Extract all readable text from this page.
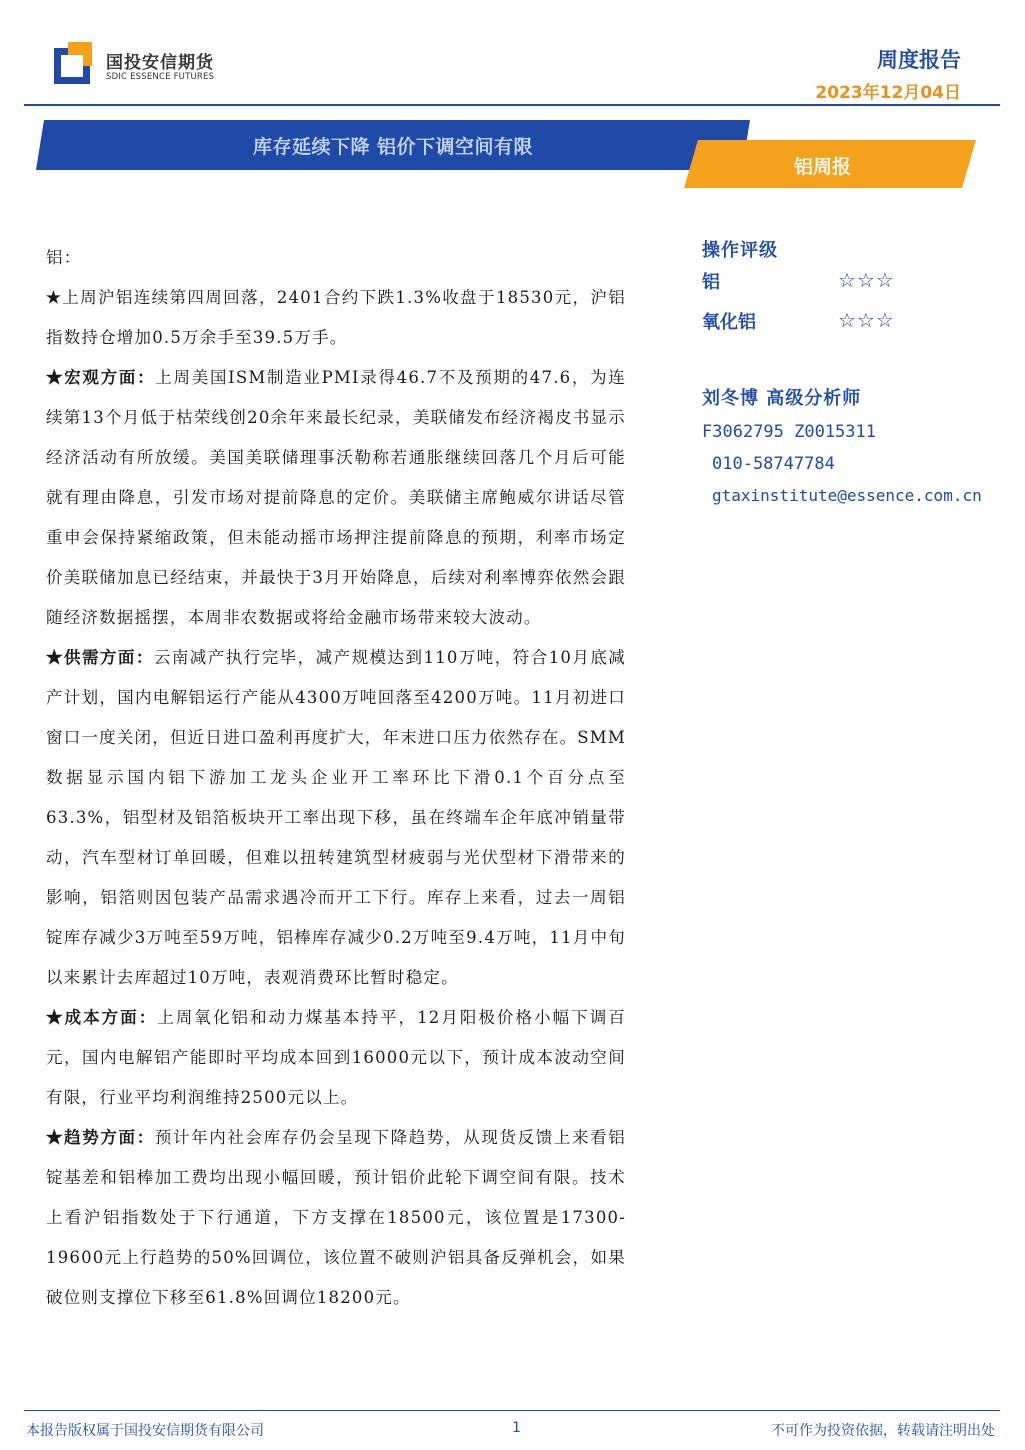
国投安信期货
SDIC ESSENCE FUTURES
周度报告
2023年12月04日
库存延续下降 铝价下调空间有限
铝周报

铝：

★上周沪铝连续第四周回落，2401合约下跌1.3%收盘于18530元，沪铝指数持仓增加0.5万余手至39.5万手。

★宏观方面：上周美国ISM制造业PMI录得46.7不及预期的47.6，为连续第13个月低于枯荣线创20余年来最长纪录，美联储发布经济褐皮书显示经济活动有所放缓。美国美联储理事沃勒称若通胀继续回落几个月后可能就有理由降息，引发市场对提前降息的定价。美联储主席鲍威尔讲话尽管重申会保持紧缩政策，但未能动摇市场押注提前降息的预期，利率市场定价美联储加息已经结束，并最快于3月开始降息，后续对利率博弈依然会跟随经济数据摇摆，本周非农数据或将给金融市场带来较大波动。

★供需方面：云南减产执行完毕，减产规模达到110万吨，符合10月底减产计划，国内电解铝运行产能从4300万吨回落至4200万吨。11月初进口窗口一度关闭，但近日进口盈利再度扩大，年末进口压力依然存在。SMM数据显示国内铝下游加工龙头企业开工率环比下滑0.1个百分点至63.3%，铝型材及铝箔板块开工率出现下移，虽在终端车企年底冲销量带动，汽车型材订单回暖，但难以扭转建筑型材疲弱与光伏型材下滑带来的影响，铝箔则因包装产品需求遇冷而开工下行。库存上来看，过去一周铝锭库存减少3万吨至59万吨，铝棒库存减少0.2万吨至9.4万吨，11月中旬以来累计去库超过10万吨，表观消费环比暂时稳定。

★成本方面：上周氧化铝和动力煤基本持平，12月阳极价格小幅下调百元，国内电解铝产能即时平均成本回到16000元以下，预计成本波动空间有限，行业平均利润维持2500元以上。

★趋势方面：预计年内社会库存仍会呈现下降趋势，从现货反馈上来看铝锭基差和铝棒加工费均出现小幅回暖，预计铝价此轮下调空间有限。技术上看沪铝指数处于下行通道，下方支撑在18500元，该位置是17300-19600元上行趋势的50%回调位，该位置不破则沪铝具备反弹机会，如果破位则支撑位下移至61.8%回调位18200元。

操作评级
铝	☆☆☆
氧化铝	☆☆☆
刘冬博 高级分析师
F3062795 Z0015311
010-58747784
gtaxinstitute@essence.com.cn
本报告版权属于国投安信期货有限公司	1	不可作为投资依据，转载请注明出处
